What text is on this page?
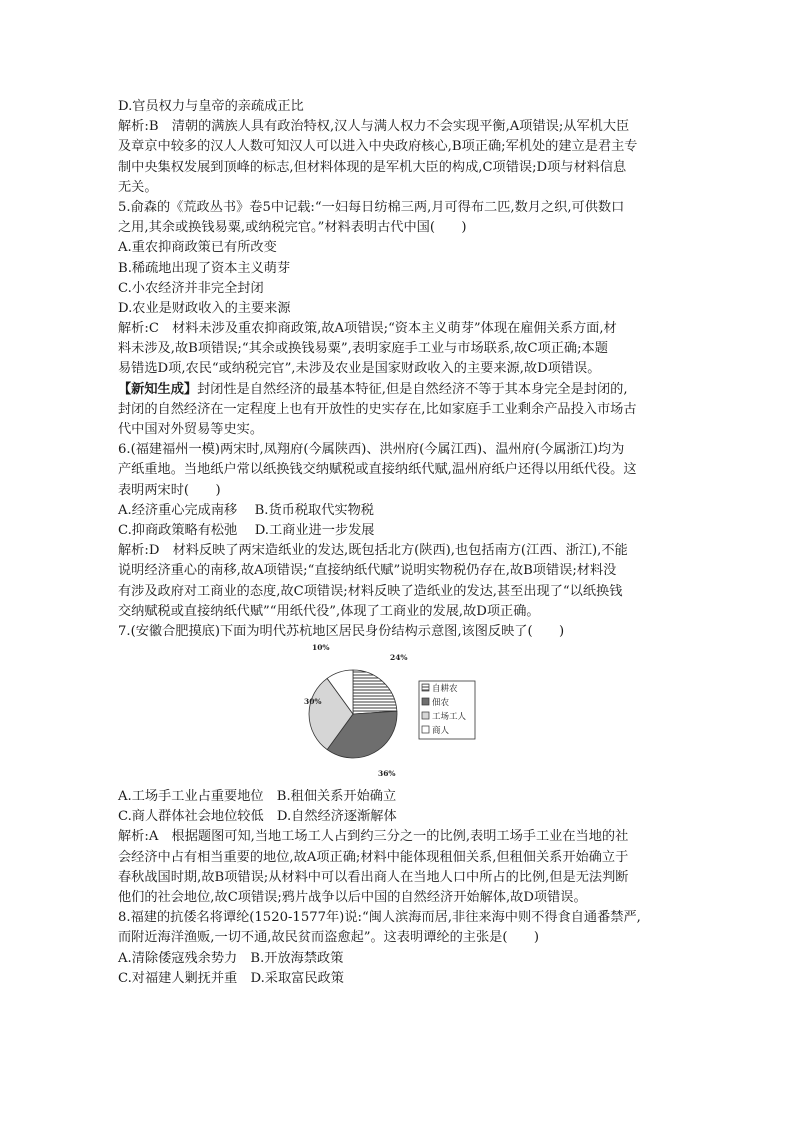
D.官员权力与皇帝的亲疏成正比
解析:B　清朝的满族人具有政治特权,汉人与满人权力不会实现平衡,A项错误;从军机大臣
及章京中较多的汉人人数可知汉人可以进入中央政府核心,B项正确;军机处的建立是君主专
制中央集权发展到顶峰的标志,但材料体现的是军机大臣的构成,C项错误;D项与材料信息
无关。
5.俞森的《荒政丛书》卷5中记载:“一妇每日纺棉三两,月可得布二匹,数月之织,可供数口
之用,其余或换钱易粟,或纳税完官。”材料表明古代中国(　　)
A.重农抑商政策已有所改变
B.稀疏地出现了资本主义萌芽
C.小农经济并非完全封闭
D.农业是财政收入的主要来源
解析:C　材料未涉及重农抑商政策,故A项错误;“资本主义萌芽”体现在雇佣关系方面,材
料未涉及,故B项错误;“其余或换钱易粟”,表明家庭手工业与市场联系,故C项正确;本题
易错选D项,农民“或纳税完官”,未涉及农业是国家财政收入的主要来源,故D项错误。
【新知生成】封闭性是自然经济的最基本特征,但是自然经济不等于其本身完全是封闭的,
封闭的自然经济在一定程度上也有开放性的史实存在,比如家庭手工业剩余产品投入市场古
代中国对外贸易等史实。
6.(福建福州一模)两宋时,凤翔府(今属陕西)、洪州府(今属江西)、温州府(今属浙江)均为
产纸重地。当地纸户常以纸换钱交纳赋税或直接纳纸代赋,温州府纸户还得以用纸代役。这
表明两宋时(　　)
A.经济重心完成南移　 B.货币税取代实物税
C.抑商政策略有松弛　 D.工商业进一步发展
解析:D　材料反映了两宋造纸业的发达,既包括北方(陕西),也包括南方(江西、浙江),不能
说明经济重心的南移,故A项错误;“直接纳纸代赋”说明实物税仍存在,故B项错误;材料没
有涉及政府对工商业的态度,故C项错误;材料反映了造纸业的发达,甚至出现了“以纸换钱
交纳赋税或直接纳纸代赋”“用纸代役”,体现了工商业的发展,故D项正确。
7.(安徽合肥摸底)下面为明代苏杭地区居民身份结构示意图,该图反映了(　　)
24%
36%
30%
10%
自耕农
佃农
工场工人
商人
A.工场手工业占重要地位　B.租佃关系开始确立
C.商人群体社会地位较低　D.自然经济逐渐解体
解析:A　根据题图可知,当地工场工人占到约三分之一的比例,表明工场手工业在当地的社
会经济中占有相当重要的地位,故A项正确;材料中能体现租佃关系,但租佃关系开始确立于
春秋战国时期,故B项错误;从材料中可以看出商人在当地人口中所占的比例,但是无法判断
他们的社会地位,故C项错误;鸦片战争以后中国的自然经济开始解体,故D项错误。
8.福建的抗倭名将谭纶(1520-1577年)说:“闽人滨海而居,非往来海中则不得食自通番禁严,
而附近海洋渔贩,一切不通,故民贫而盗愈起”。这表明谭纶的主张是(　　)
A.清除倭寇残余势力　B.开放海禁政策
C.对福建人剿抚并重　D.采取富民政策
